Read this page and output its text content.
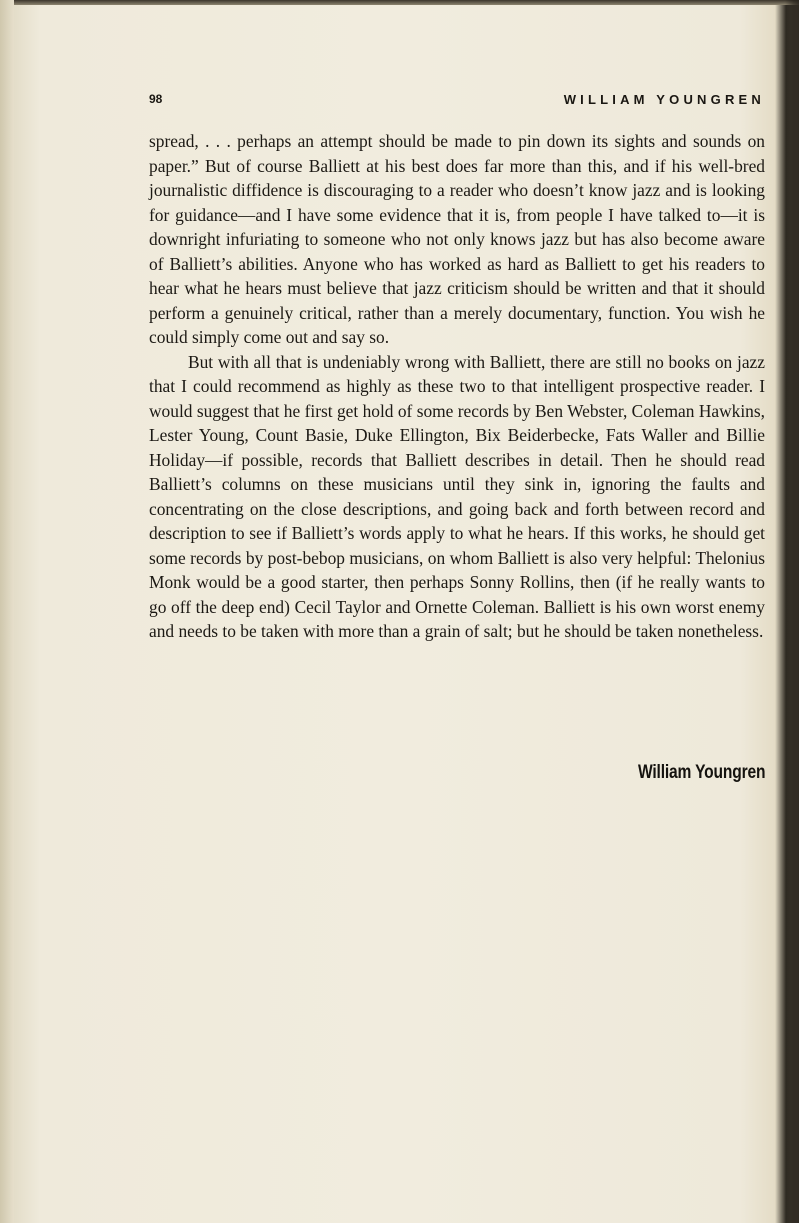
98	WILLIAM YOUNGREN

spread, . . . perhaps an attempt should be made to pin down its sights and sounds on paper.” But of course Balliett at his best does far more than this, and if his well-bred journalistic diffidence is discouraging to a reader who doesn’t know jazz and is looking for guidance—and I have some evidence that it is, from people I have talked to—it is downright infuriating to someone who not only knows jazz but has also become aware of Balliett’s abilities. Anyone who has worked as hard as Balliett to get his readers to hear what he hears must believe that jazz criticism should be written and that it should perform a genuinely critical, rather than a merely documentary, function. You wish he could simply come out and say so.

But with all that is undeniably wrong with Balliett, there are still no books on jazz that I could recommend as highly as these two to that intelligent prospective reader. I would suggest that he first get hold of some records by Ben Webster, Coleman Hawkins, Lester Young, Count Basie, Duke Ellington, Bix Beiderbecke, Fats Waller and Billie Holiday—if possible, records that Balliett describes in detail. Then he should read Balliett’s columns on these musicians until they sink in, ignoring the faults and concentrating on the close descriptions, and going back and forth between record and description to see if Balliett’s words apply to what he hears. If this works, he should get some records by post-bebop musicians, on whom Balliett is also very helpful: Thelonius Monk would be a good starter, then perhaps Sonny Rollins, then (if he really wants to go off the deep end) Cecil Taylor and Ornette Coleman. Balliett is his own worst enemy and needs to be taken with more than a grain of salt; but he should be taken nonetheless.

William Youngren
